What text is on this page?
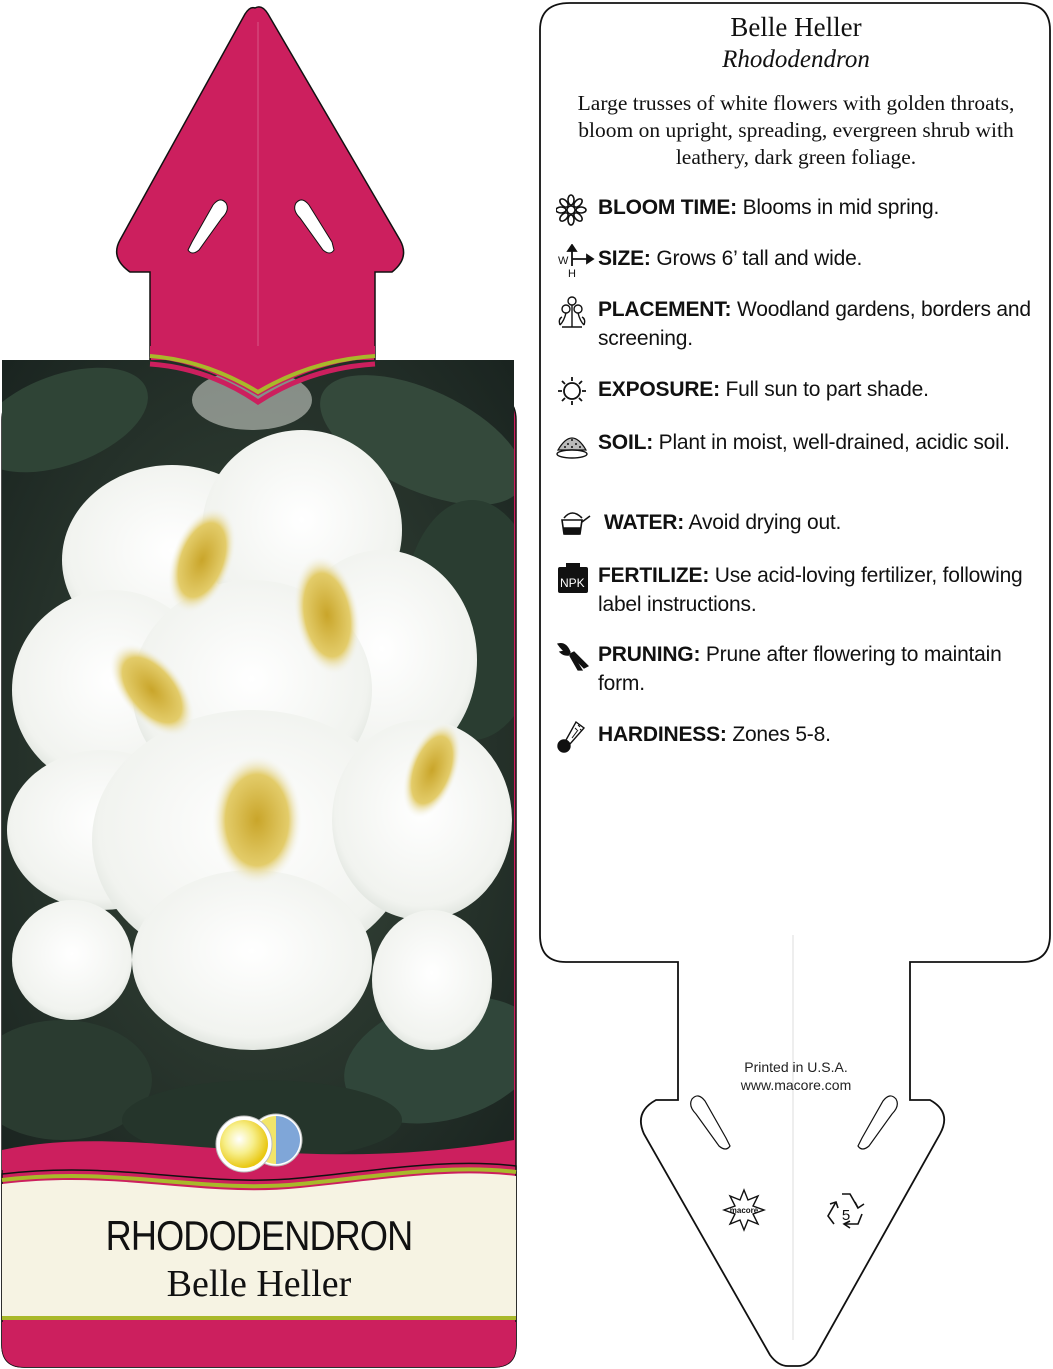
RHODODENDRON
Belle Heller
Belle Heller
Rhododendron
Large trusses of white flowers with golden throats, bloom on upright, spreading, evergreen shrub with leathery, dark green foliage.
BLOOM TIME: Blooms in mid spring.
W
H
SIZE: Grows 6’ tall and wide.
PLACEMENT: Woodland gardens, borders and screening.
EXPOSURE: Full sun to part shade.
SOIL: Plant in moist, well-drained, acidic soil.
WATER: Avoid drying out.
NPK FERTILIZE: Use acid-loving fertilizer, following label instructions.
PRUNING: Prune after flowering to maintain form.
HARDINESS: Zones 5-8.
Printed in U.S.A.
www.macore.com
macore	5
